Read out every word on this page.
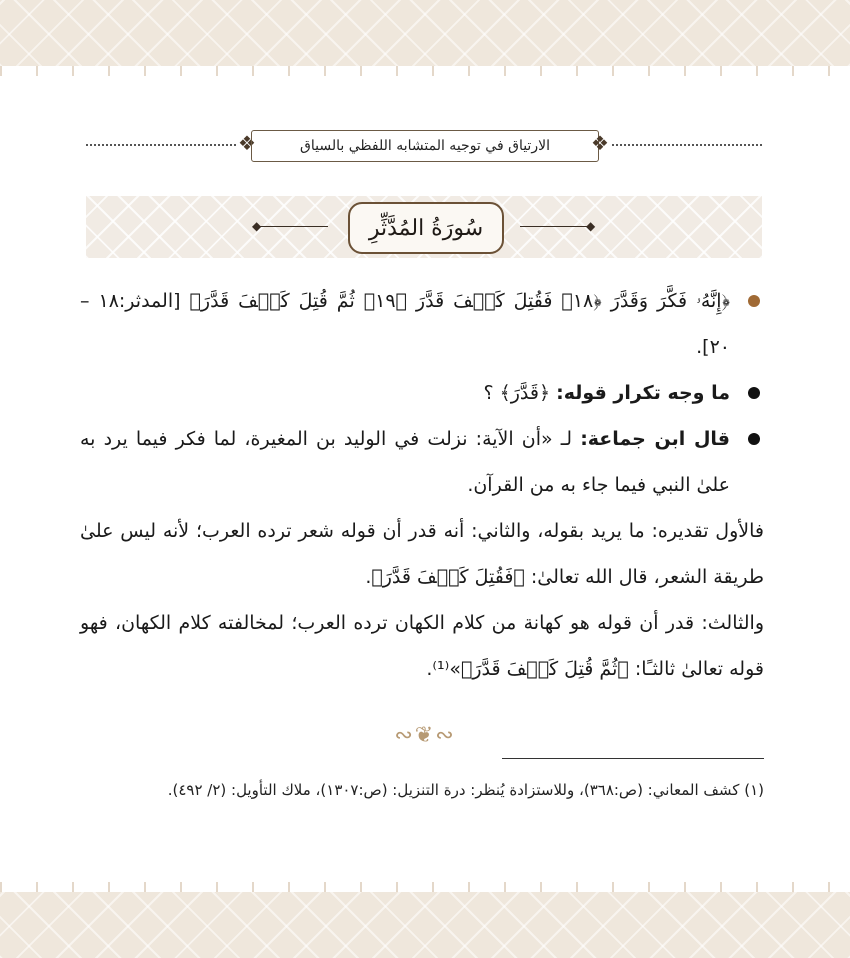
❖	الارتياق في توجيه المتشابه اللفظي بالسياق	❖
◆	سُورَةُ المُدَّثِّرِ	◆

﴿إِنَّهُۥ فَكَّرَ وَقَدَّرَ ﴿١٨﴾ فَقُتِلَ كَيۡفَ قَدَّرَ ﴿١٩﴾ ثُمَّ قُتِلَ كَيۡفَ قَدَّرَ﴾ [المدثر:١٨ – ٢٠].

ما وجه تكرار قوله: ﴿قَدَّرَ﴾ ؟

قال ابن جماعة: لـ «أن الآية: نزلت في الوليد بن المغيرة، لما فكر فيما يرد به علىٰ النبي فيما جاء به من القرآن.

فالأول تقديره: ما يريد بقوله، والثاني: أنه قدر أن قوله شعر ترده العرب؛ لأنه ليس علىٰ طريقة الشعر، قال الله تعالىٰ: ﴿فَقُتِلَ كَيۡفَ قَدَّرَ﴾.

والثالث: قدر أن قوله هو كهانة من كلام الكهان ترده العرب؛ لمخالفته كلام الكهان، فهو قوله تعالىٰ ثالثـًا: ﴿ثُمَّ قُتِلَ كَيۡفَ قَدَّرَ﴾»⁽¹⁾.

∾❦∾
(١) كشف المعاني: (ص:٣٦٨)، وللاستزادة يُنظر: درة التنزيل: (ص:١٣٠٧)، ملاك التأويل: (٢/ ٤٩٢).
